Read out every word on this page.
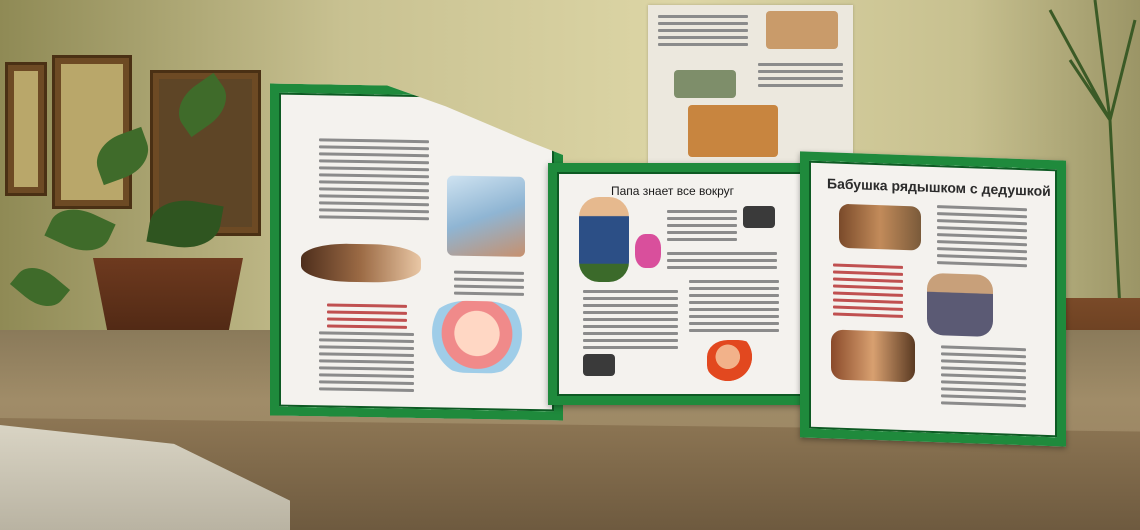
Папа знает все вокруг	Бабушка рядышком с дедушкой
